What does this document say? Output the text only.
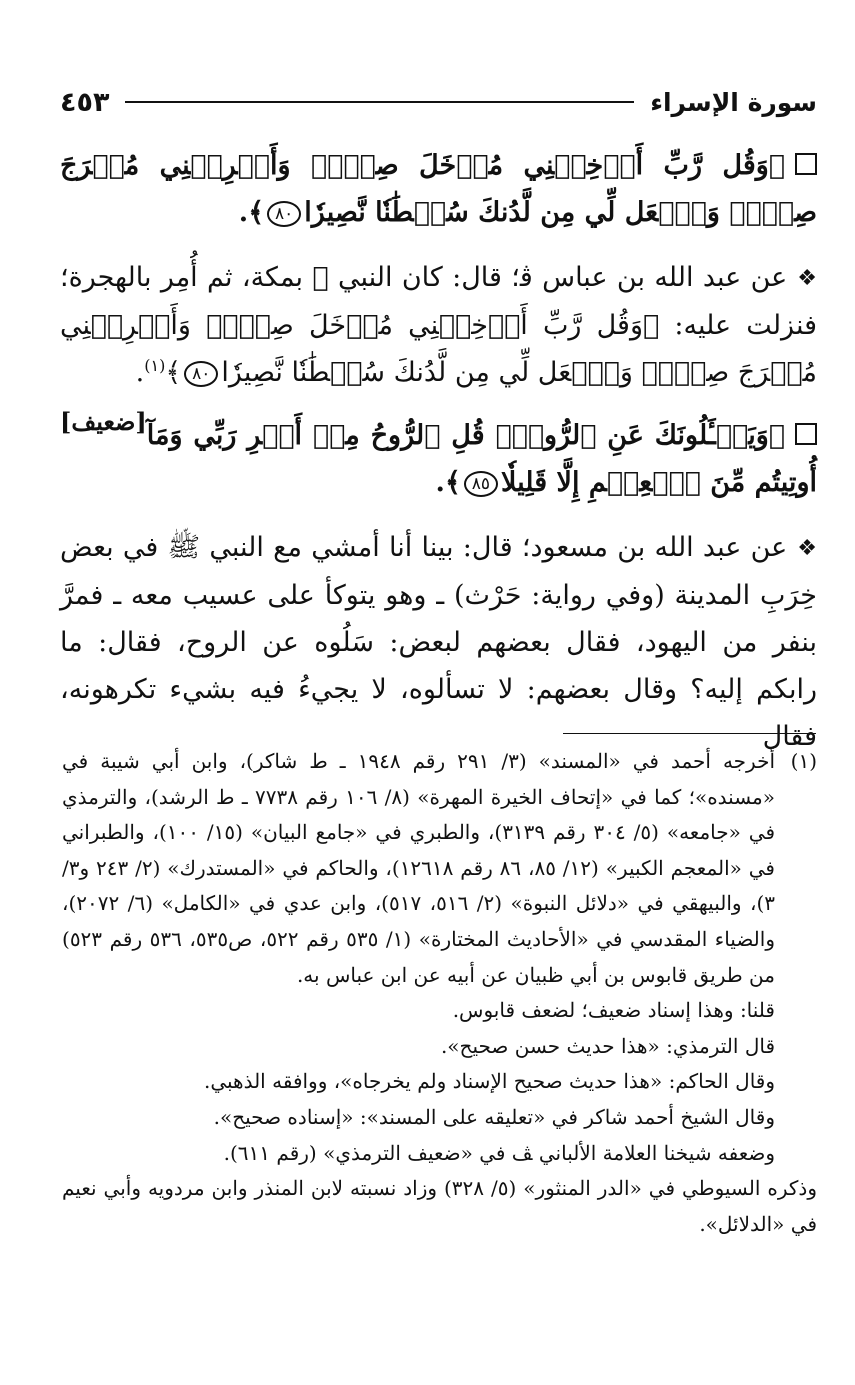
سورة الإسراء
٤٥٣

﴿وَقُل رَّبِّ أَدۡخِلۡنِي مُدۡخَلَ صِدۡقٖ وَأَخۡرِجۡنِي مُخۡرَجَ صِدۡقٖ وَٱجۡعَل لِّي مِن لَّدُنكَ سُلۡطَٰنٗا نَّصِيرٗا٨٠﴾.

❖عن عبد الله بن عباس ﭬ؛ قال: كان النبي ﷺ بمكة، ثم أُمِر بالهجرة؛ فنزلت عليه: ﴿وَقُل رَّبِّ أَدۡخِلۡنِي مُدۡخَلَ صِدۡقٖ وَأَخۡرِجۡنِي مُخۡرَجَ صِدۡقٖ وَٱجۡعَل لِّي مِن لَّدُنكَ سُلۡطَٰنٗا نَّصِيرٗا٨٠﴾$^{(١)}$.
[ضعيف] ﴿وَيَسۡـَٔلُونَكَ عَنِ ٱلرُّوحِۖ قُلِ ٱلرُّوحُ مِنۡ أَمۡرِ رَبِّي وَمَآ أُوتِيتُم مِّنَ ٱلۡعِلۡمِ إِلَّا قَلِيلٗا٨٥﴾.

❖عن عبد الله بن مسعود؛ قال: بينا أنا أمشي مع النبي ﷺ في بعض خِرَبِ المدينة (وفي رواية: حَرْث) ـ وهو يتوكأ على عسيب معه ـ فمرَّ بنفر من اليهود، فقال بعضهم لبعض: سَلُوه عن الروح، فقال: ما رابكم إليه؟ وقال بعضهم: لا تسألوه، لا يجيءُ فيه بشيء تكرهونه، فقال

(١)

أخرجه أحمد في «المسند» (٣/ ٢٩١ رقم ١٩٤٨ ـ ط شاكر)، وابن أبي شيبة في «مسنده»؛ كما في «إتحاف الخيرة المهرة» (٨/ ١٠٦ رقم ٧٧٣٨ ـ ط الرشد)، والترمذي في «جامعه» (٥/ ٣٠٤ رقم ٣١٣٩)، والطبري في «جامع البيان» (١٥/ ١٠٠)، والطبراني في «المعجم الكبير» (١٢/ ٨٥، ٨٦ رقم ١٢٦١٨)، والحاكم في «المستدرك» (٢/ ٢٤٣ و٣/ ٣)، والبيهقي في «دلائل النبوة» (٢/ ٥١٦، ٥١٧)، وابن عدي في «الكامل» (٦/ ٢٠٧٢)، والضياء المقدسي في «الأحاديث المختارة» (١/ ٥٣٥ رقم ٥٢٢، ص٥٣٥، ٥٣٦ رقم ٥٢٣) من طريق قابوس بن أبي ظبيان عن أبيه عن ابن عباس به.

قلنا: وهذا إسناد ضعيف؛ لضعف قابوس.

قال الترمذي: «هذا حديث حسن صحيح».

وقال الحاكم: «هذا حديث صحيح الإسناد ولم يخرجاه»، ووافقه الذهبي.

وقال الشيخ أحمد شاكر في «تعليقه على المسند»: «إسناده صحيح».

وضعفه شيخنا العلامة الألباني ﭫ في «ضعيف الترمذي» (رقم ٦١١).

وذكره السيوطي في «الدر المنثور» (٥/ ٣٢٨) وزاد نسبته لابن المنذر وابن مردويه وأبي نعيم في «الدلائل».
